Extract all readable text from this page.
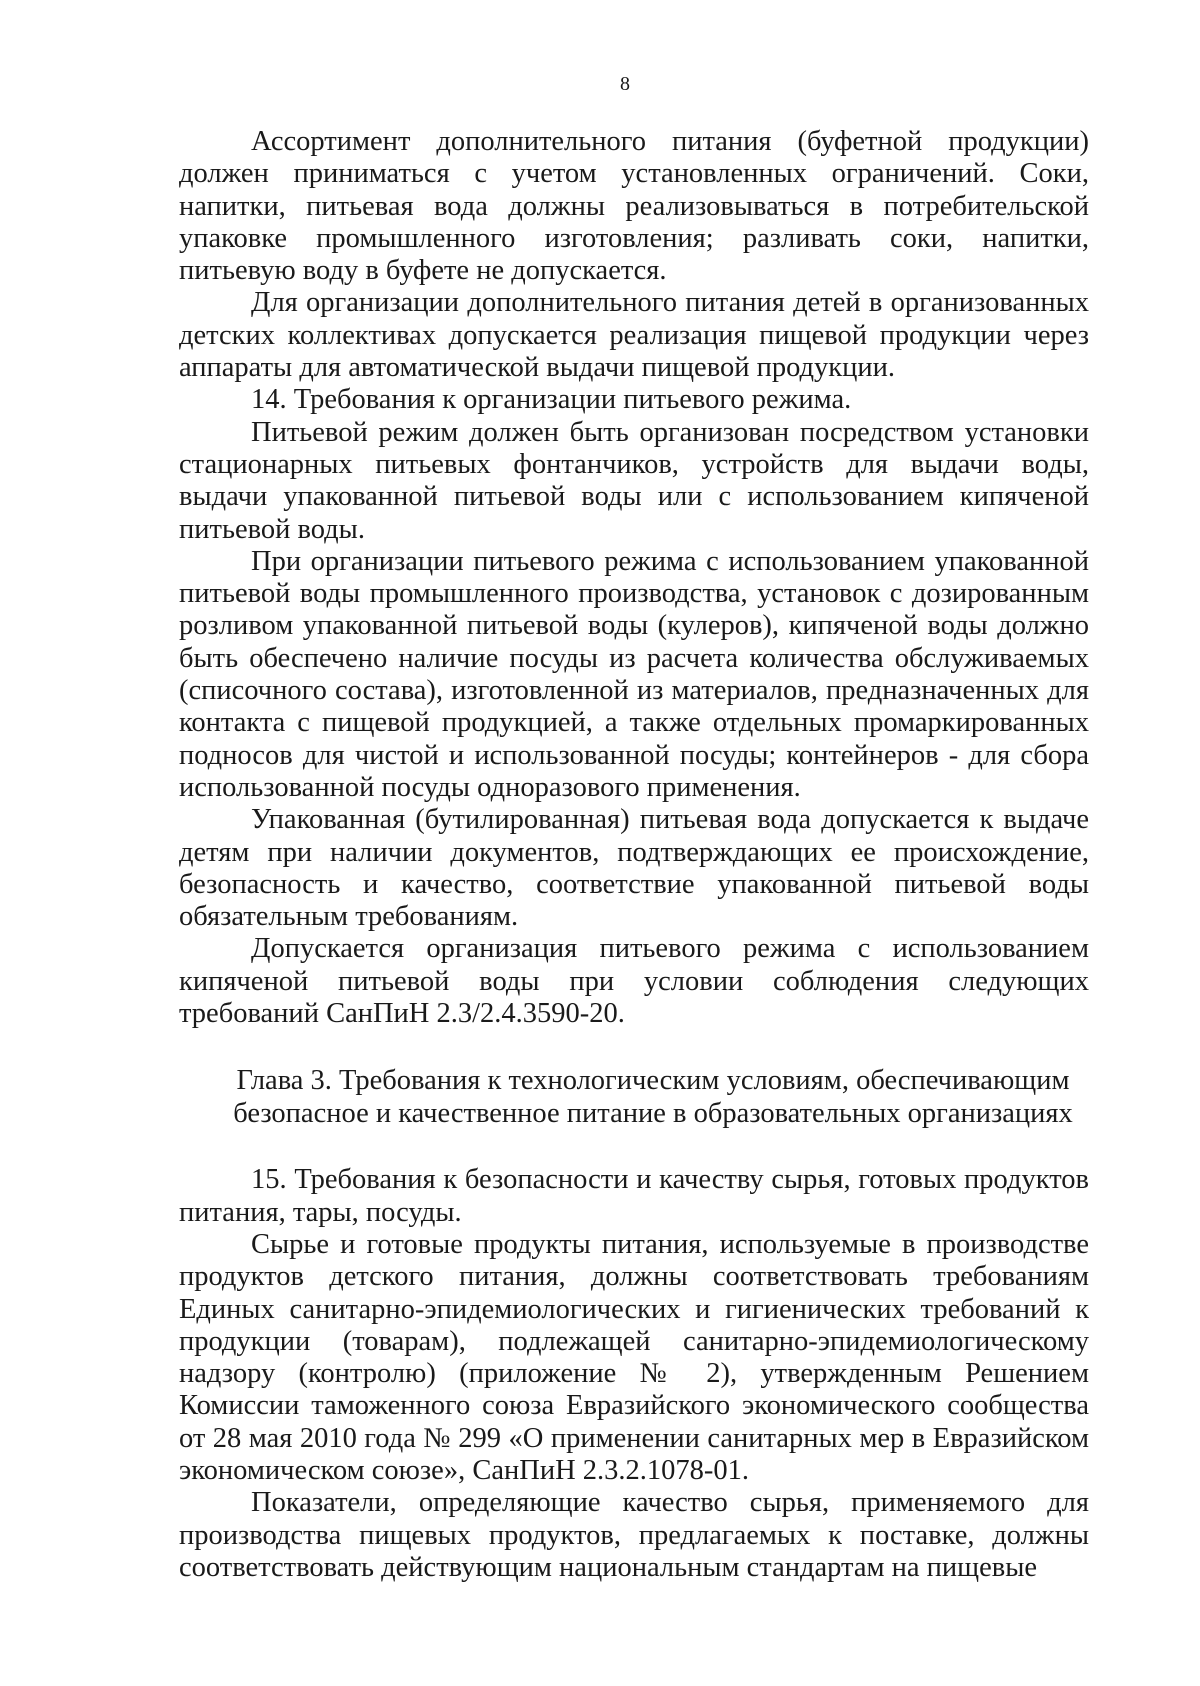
8

Ассортимент дополнительного питания (буфетной продукции) должен приниматься с учетом установленных ограничений. Соки, напитки, питьевая вода должны реализовываться в потребительской упаковке промышленного изготовления; разливать соки, напитки, питьевую воду в буфете не допускается.

Для организации дополнительного питания детей в организованных детских коллективах допускается реализация пищевой продукции через аппараты для автоматической выдачи пищевой продукции.

14. Требования к организации питьевого режима.

Питьевой режим должен быть организован посредством установки стационарных питьевых фонтанчиков, устройств для выдачи воды, выдачи упакованной питьевой воды или с использованием кипяченой питьевой воды.

При организации питьевого режима с использованием упакованной питьевой воды промышленного производства, установок с дозированным розливом упакованной питьевой воды (кулеров), кипяченой воды должно быть обеспечено наличие посуды из расчета количества обслуживаемых (списочного состава), изготовленной из материалов, предназначенных для контакта с пищевой продукцией, а также отдельных промаркированных подносов для чистой и использованной посуды; контейнеров - для сбора использованной посуды одноразового применения.

Упакованная (бутилированная) питьевая вода допускается к выдаче детям при наличии документов, подтверждающих ее происхождение, безопасность и качество, соответствие упакованной питьевой воды обязательным требованиям.

Допускается организация питьевого режима с использованием кипяченой питьевой воды при условии соблюдения следующих требований СанПиН 2.3/2.4.3590-20.

Глава 3. Требования к технологическим условиям, обеспечивающим
безопасное и качественное питание в образовательных организациях

15. Требования к безопасности и качеству сырья, готовых продуктов питания, тары, посуды.

Сырье и готовые продукты питания, используемые в производстве продуктов детского питания, должны соответствовать требованиям Единых санитарно-эпидемиологических и гигиенических требований к продукции (товарам), подлежащей санитарно-эпидемиологическому надзору (контролю) (приложение № 2), утвержденным Решением Комиссии таможенного союза Евразийского экономического сообщества от 28 мая 2010 года № 299 «О применении санитарных мер в Евразийском экономическом союзе», СанПиН 2.3.2.1078-01.

Показатели, определяющие качество сырья, применяемого для производства пищевых продуктов, предлагаемых к поставке, должны соответствовать действующим национальным стандартам на пищевые
